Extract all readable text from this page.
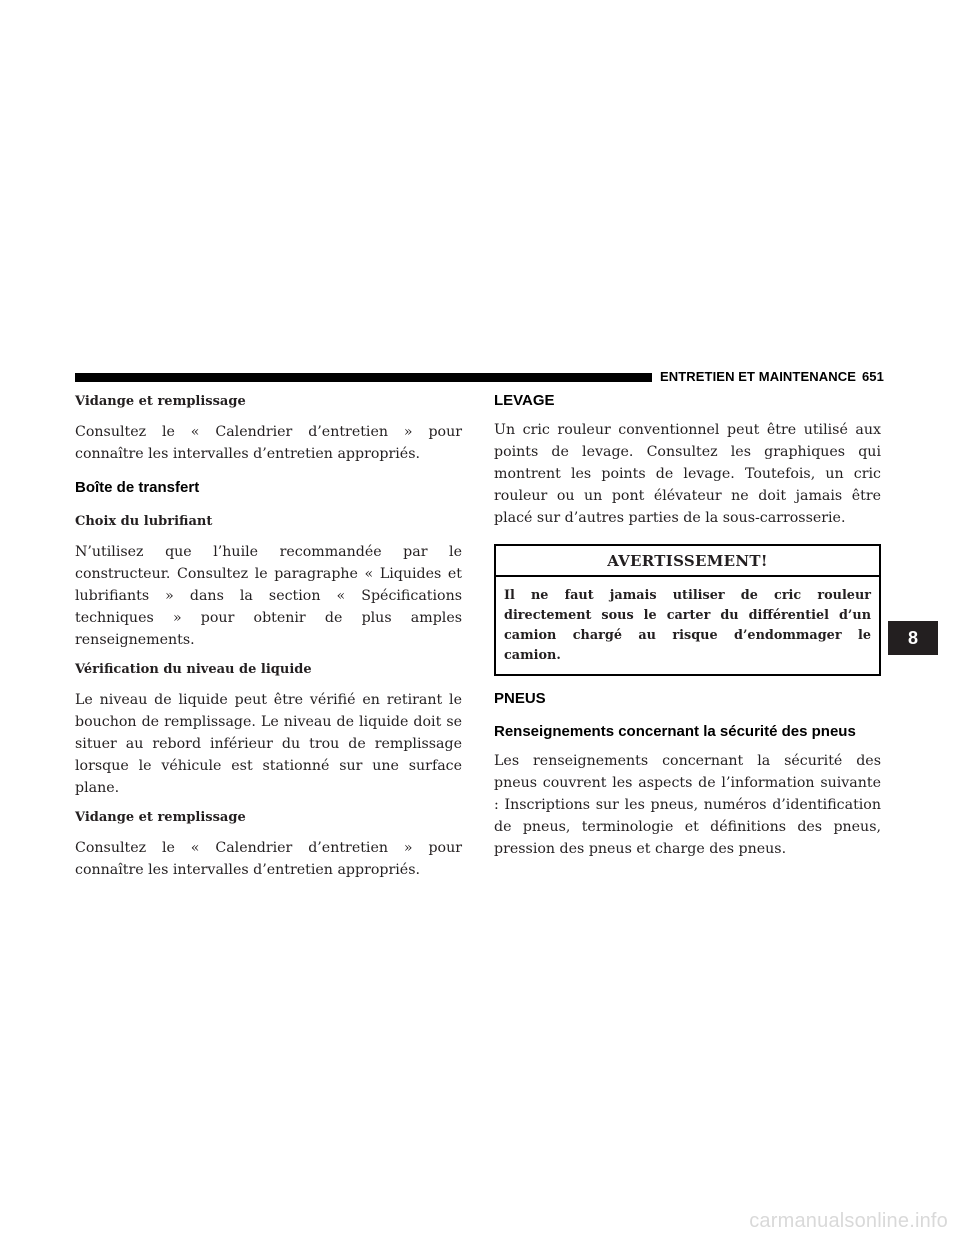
ENTRETIEN ET MAINTENANCE 651
Vidange et remplissage

Consultez le « Calendrier d’entretien » pour connaître les intervalles d’entretien appropriés.

Boîte de transfert
Choix du lubrifiant

N’utilisez que l’huile recommandée par le constructeur. Consultez le paragraphe « Liquides et lubrifiants » dans la section « Spécifications techniques » pour obtenir de plus amples renseignements.

Vérification du niveau de liquide

Le niveau de liquide peut être vérifié en retirant le bouchon de remplissage. Le niveau de liquide doit se situer au rebord inférieur du trou de remplissage lorsque le véhicule est stationné sur une surface plane.

Vidange et remplissage

Consultez le « Calendrier d’entretien » pour connaître les intervalles d’entretien appropriés.

LEVAGE

Un cric rouleur conventionnel peut être utilisé aux points de levage. Consultez les graphiques qui montrent les points de levage. Toutefois, un cric rouleur ou un pont élévateur ne doit jamais être placé sur d’autres parties de la sous-carrosserie.

AVERTISSEMENT!
Il ne faut jamais utiliser de cric rouleur directement sous le carter du différentiel d’un camion chargé au risque d’endommager le camion.
PNEUS
Renseignements concernant la sécurité des pneus

Les renseignements concernant la sécurité des pneus couvrent les aspects de l’information suivante : Inscriptions sur les pneus, numéros d’identification de pneus, terminologie et définitions des pneus, pression des pneus et charge des pneus.

8
carmanualsonline.info
